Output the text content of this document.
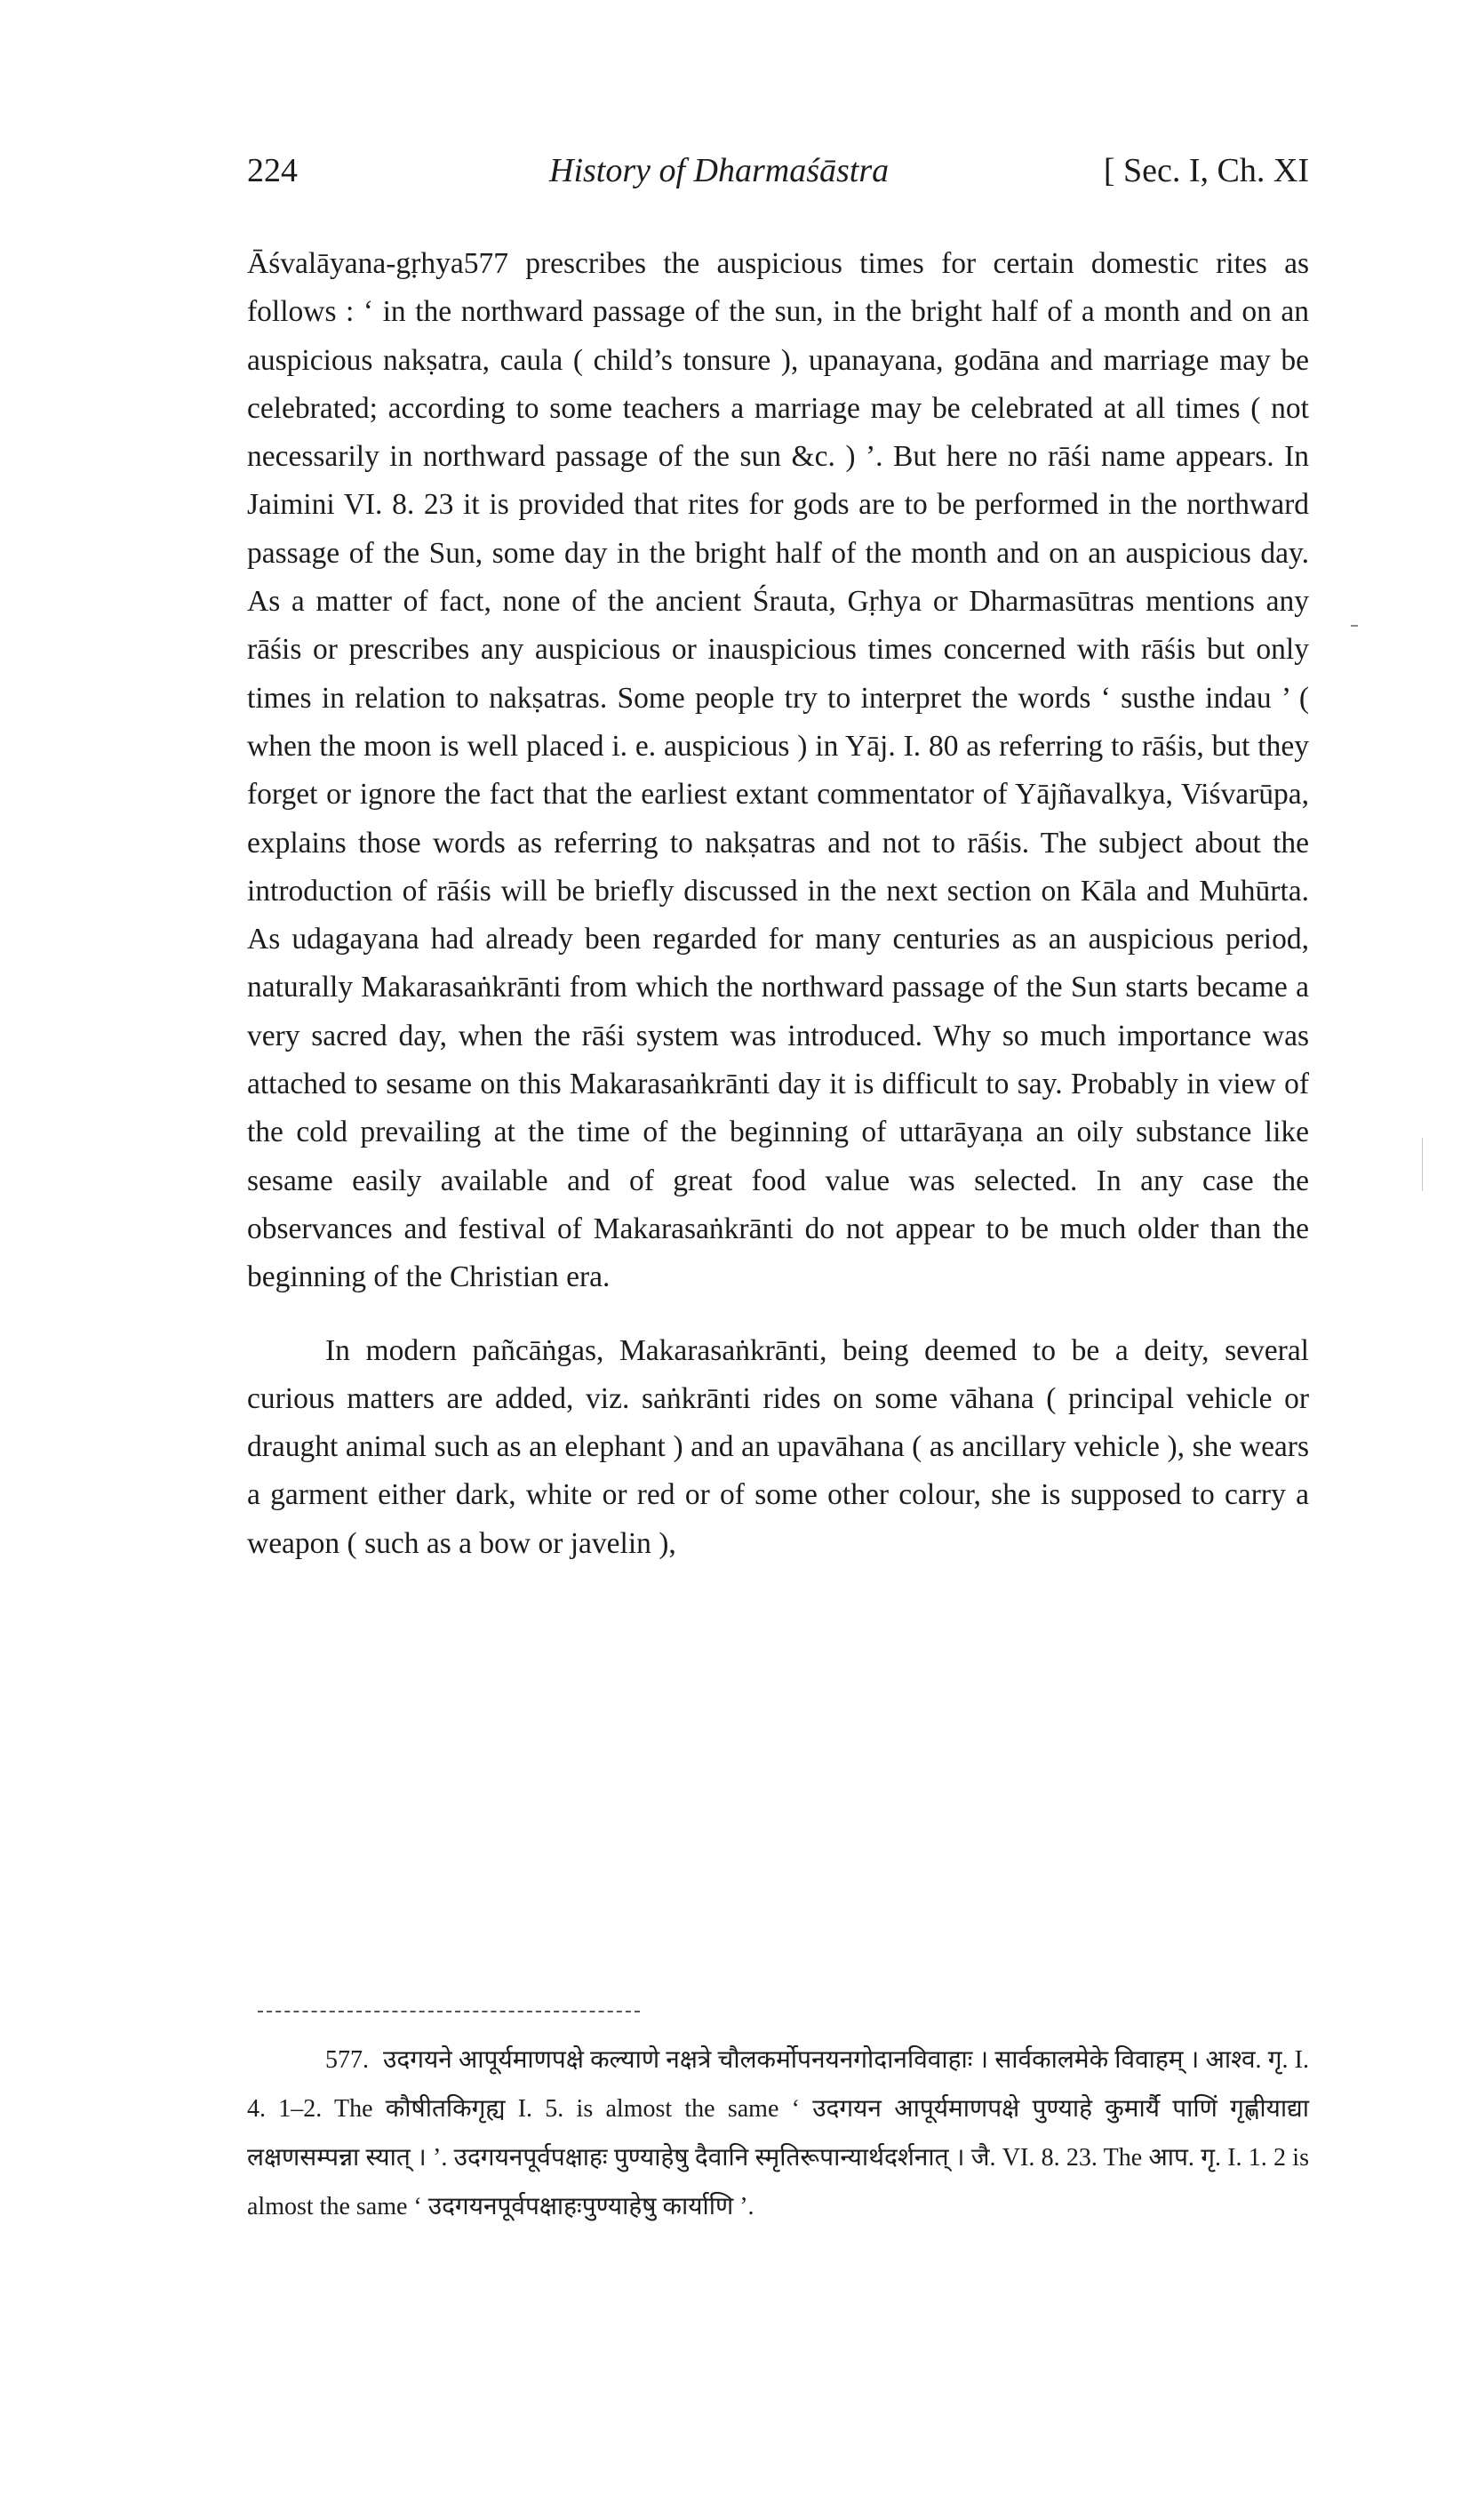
224	History of Dharmaśāstra	[ Sec. I, Ch. XI

Āśvalāyana-gṛhya577 prescribes the auspicious times for certain domestic rites as follows : ‘ in the northward passage of the sun, in the bright half of a month and on an auspicious nakṣatra, caula ( child’s tonsure ), upanayana, godāna and marriage may be celebrated; according to some teachers a marriage may be celebrated at all times ( not necessarily in northward passage of the sun &c. ) ’. But here no rāśi name appears. In Jaimini VI. 8. 23 it is provided that rites for gods are to be performed in the northward passage of the Sun, some day in the bright half of the month and on an auspicious day. As a matter of fact, none of the ancient Śrauta, Gṛhya or Dharmasūtras mentions any rāśis or prescribes any auspicious or inauspicious times concerned with rāśis but only times in relation to nakṣatras. Some people try to interpret the words ‘ susthe indau ’ ( when the moon is well placed i. e. auspicious ) in Yāj. I. 80 as referring to rāśis, but they forget or ignore the fact that the earliest extant commentator of Yājñavalkya, Viśvarūpa, explains those words as referring to nakṣatras and not to rāśis. The subject about the introduction of rāśis will be briefly discussed in the next section on Kāla and Muhūrta. As udagayana had already been regarded for many centuries as an auspicious period, naturally Makarasaṅkrānti from which the northward passage of the Sun starts became a very sacred day, when the rāśi system was introduced. Why so much importance was attached to sesame on this Makarasaṅkrānti day it is difficult to say. Probably in view of the cold prevailing at the time of the beginning of uttarāyaṇa an oily substance like sesame easily available and of great food value was selected. In any case the observances and festival of Makarasaṅkrānti do not appear to be much older than the beginning of the Christian era.

In modern pañcāṅgas, Makarasaṅkrānti, being deemed to be a deity, several curious matters are added, viz. saṅkrānti rides on some vāhana ( principal vehicle or draught animal such as an elephant ) and an upavāhana ( as ancillary vehicle ), she wears a garment either dark, white or red or of some other colour, she is supposed to carry a weapon ( such as a bow or javelin ),

577. उदगयने आपूर्यमाणपक्षे कल्याणे नक्षत्रे चौलकर्मोपनयनगोदानविवाहाः । सार्वकालमेके विवाहम् । आश्व. गृ. I. 4. 1–2. The कौषीतकिगृह्य I. 5. is almost the same ‘ उदगयन आपूर्यमाणपक्षे पुण्याहे कुमार्यै पाणिं गृह्णीयाद्या लक्षणसम्पन्ना स्यात् । ’. उदगयनपूर्वपक्षाहः पुण्याहेषु दैवानि स्मृतिरूपान्यार्थदर्शनात् । जै. VI. 8. 23. The आप. गृ. I. 1. 2 is almost the same ‘ उदगयनपूर्वपक्षाहःपुण्याहेषु कार्याणि ’.
